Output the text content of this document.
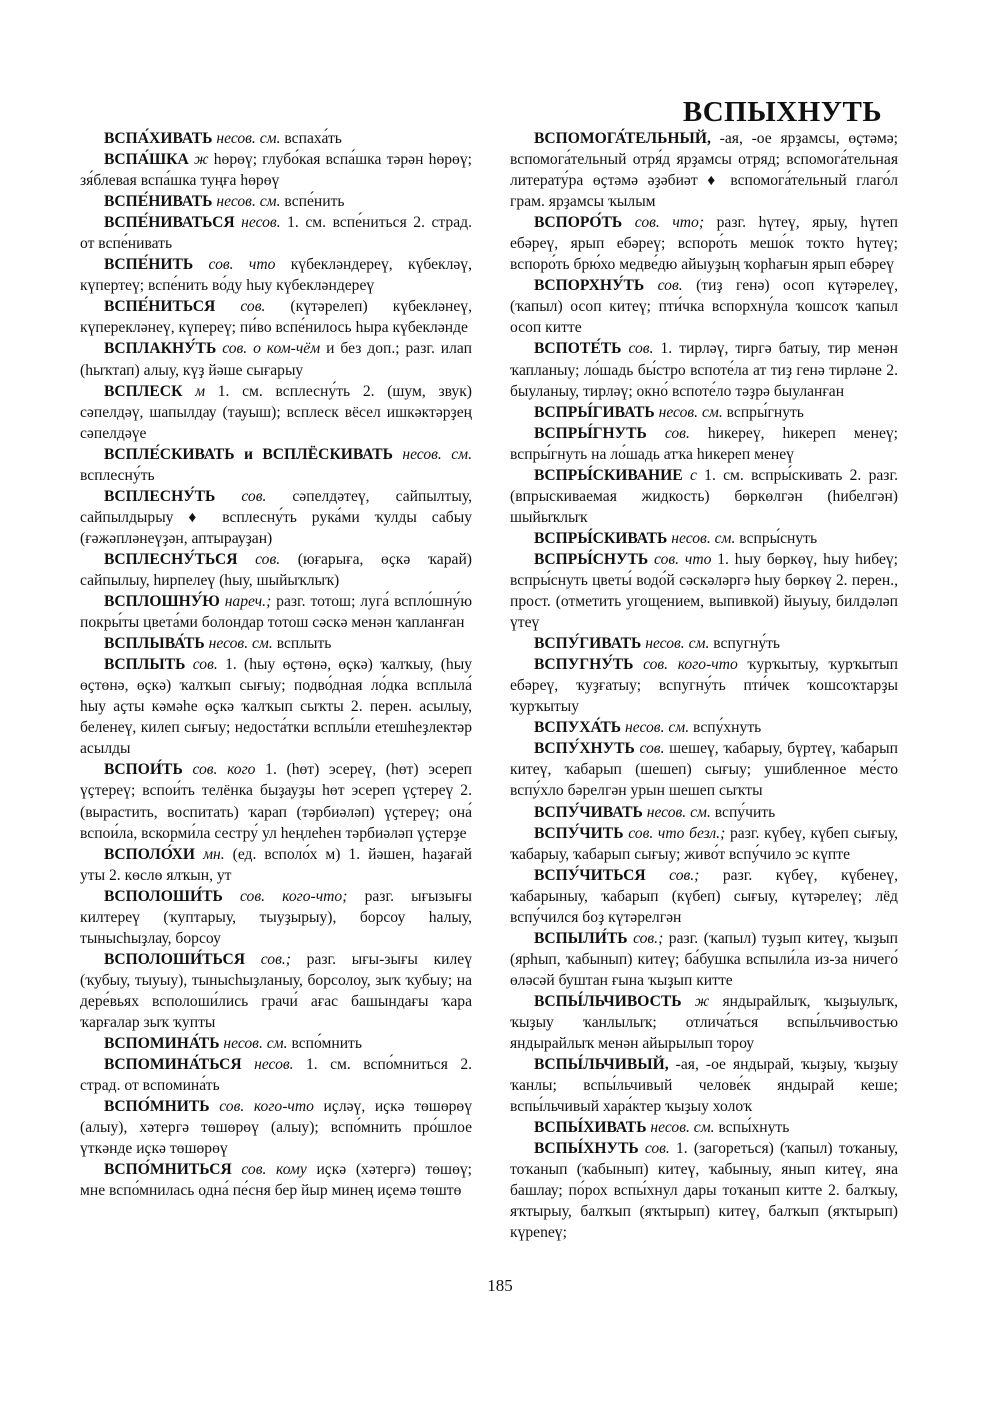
ВСПЫХНУТЬ

ВСПА́ХИВАТЬ несов. см. вспаха́ть

ВСПА́ШКА ж һөрөү; глубо́кая вспа́шка тәрән һөрөү; зя́блевая вспа́шка туңға һөрөү

ВСПЕ́НИВАТЬ несов. см. вспе́нить

ВСПЕ́НИВАТЬСЯ несов. 1. см. вспе́ниться 2. страд. от вспе́нивать

ВСПЕ́НИТЬ сов. что күбекләндереү, күбекләү, күпертеү; вспе́нить во́ду һыу күбекләндереү

ВСПЕ́НИТЬСЯ сов. (күтәрелеп) күбекләнеү, күперекләнеү, күпереү; пи́во вспе́нилось һыра күбекләнде

ВСПЛАКНУ́ТЬ сов. о ком-чём и без доп.; разг. илап (һыҡтап) алыу, күҙ йәше сығарыу

ВСПЛЕСК м 1. см. всплесну́ть 2. (шум, звук) сәпелдәү, шапылдау (тауыш); всплеск вёсел ишкәктәрҙең сәпелдәүе

ВСПЛЕ́СКИВАТЬ и ВСПЛЁСКИВАТЬ несов. см. всплесну́ть

ВСПЛЕСНУ́ТЬ сов. сәпелдәтеү, сайпылтыу, сайпылдырыу ♦ всплесну́ть рука́ми ҡулды сабыу (ғәжәпләнеүҙән, аптырауҙан)

ВСПЛЕСНУ́ТЬСЯ сов. (юғарыға, өҫкә ҡарай) сайпылыу, һирпелеү (һыу, шыйыҡлыҡ)

ВСПЛОШНУ́Ю нареч.; разг. тотош; луга́ вспло́шну́ю покры́ты цвета́ми болондар тотош сәскә менән ҡапланған

ВСПЛЫВА́ТЬ несов. см. всплыть

ВСПЛЫТЬ сов. 1. (һыу өҫтөнә, өҫкә) ҡалҡыу, (һыу өҫтөнә, өҫкә) ҡалҡып сығыу; подво́дная ло́дка всплыла́ һыу аҫты кәмәһе өҫкә ҡалҡып сыҡты 2. перен. асылыу, беленеү, килеп сығыу; недоста́тки всплы́ли етешһеҙлектәр асылды

ВСПОИ́ТЬ сов. кого 1. (һөт) эсереү, (һөт) эсереп үҫтереү; вспои́ть телёнка быҙауҙы һөт эсереп үҫтереү 2. (вырастить, воспитать) ҡарап (тәрбиәләп) үҫтереү; она́ вспои́ла, вскорми́ла сестру́ ул һеңлеһен тәрбиәләп үҫтерҙе

ВСПОЛО́ХИ мн. (ед. всполо́х м) 1. йәшен, һаҙағай уты 2. көслө ялҡын, ут

ВСПОЛОШИ́ТЬ сов. кого-что; разг. ығызығы килтереү (ҡуптарыу, тыуҙырыу), борсоу һалыу, тынысһыҙлау, борсоу

ВСПОЛОШИ́ТЬСЯ сов.; разг. ығы-зығы килеү (ҡубыу, тыуыу), тынысһыҙланыу, борсолоу, зыҡ ҡубыу; на дере́вьях всполоши́лись грачи́ ағас башындағы ҡара ҡарғалар зыҡ ҡупты

ВСПОМИНА́ТЬ несов. см. вспо́мнить

ВСПОМИНА́ТЬСЯ несов. 1. см. вспо́мниться 2. страд. от вспомина́ть

ВСПО́МНИТЬ сов. кого-что иҫләү, иҫкә төшөрөү (алыу), хәтергә төшөрөү (алыу); вспо́мнить про́шлое үткәнде иҫкә төшөрөү

ВСПО́МНИТЬСЯ сов. кому иҫкә (хәтергә) төшөү; мне вспо́мнилась одна́ пе́сня бер йыр минең иҫемә төштө

ВСПОМОГА́ТЕЛЬНЫЙ, -ая, -ое ярҙамсы, өҫтәмә; вспомога́тельный отря́д ярҙамсы отряд; вспомога́тельная литерату́ра өҫтәмә әҙәбиәт ♦ вспомога́тельный глаго́л грам. ярҙамсы ҡылым

ВСПОРО́ТЬ сов. что; разг. һүтеү, ярыу, һүтеп ебәреү, ярып ебәреү; вспоро́ть мешо́к тоҡто һүтеү; вспоро́ть брю́хо медве́дю айыуҙың ҡорһағын ярып ебәреү

ВСПОРХНУ́ТЬ сов. (тиҙ генә) осоп күтәрелеү, (ҡапыл) осоп китеү; пти́чка вспорхну́ла ҡошсоҡ ҡапыл осоп китте

ВСПОТЕ́ТЬ сов. 1. тирләү, тиргә батыу, тир менән ҡапланыу; ло́шадь бы́стро вспоте́ла ат тиҙ генә тирләне 2. быуланыу, тирләү; окно́ вспоте́ло тәҙрә быуланған

ВСПРЫ́ГИВАТЬ несов. см. вспры́гнуть

ВСПРЫ́ГНУТЬ сов. һикереү, һикереп менеү; вспры́гнуть на ло́шадь атҡа һикереп менеү

ВСПРЫ́СКИВАНИЕ с 1. см. вспры́скивать 2. разг. (впрыскиваемая жидкость) бөркөлгән (һибелгән) шыйыҡлыҡ

ВСПРЫ́СКИВАТЬ несов. см. вспры́снуть

ВСПРЫ́СНУТЬ сов. что 1. һыу бөркөү, һыу һибеү; вспры́снуть цветы́ водо́й сәскәләргә һыу бөркөү 2. перен., прост. (отметить угощением, выпивкой) йыуыу, билдәләп үтеү

ВСПУ́ГИВАТЬ несов. см. вспугну́ть

ВСПУГНУ́ТЬ сов. кого-что ҡурҡытыу, ҡурҡытып ебәреү, ҡуҙғатыу; вспугну́ть пти́чек ҡошсоҡтарҙы ҡурҡытыу

ВСПУХА́ТЬ несов. см. вспу́хнуть

ВСПУ́ХНУТЬ сов. шешеү, ҡабарыу, бүртеү, ҡабарып китеү, ҡабарып (шешеп) сығыу; ушибленное ме́сто вспу́хло бәрелгән урын шешеп сыҡты

ВСПУ́ЧИВАТЬ несов. см. вспу́чить

ВСПУ́ЧИТЬ сов. что безл.; разг. күбеү, күбеп сығыу, ҡабарыу, ҡабарып сығыу; живо́т вспу́чило эс күпте

ВСПУ́ЧИТЬСЯ сов.; разг. күбеү, күбенеү, ҡабарыныу, ҡабарып (күбеп) сығыу, күтәрелеү; лёд вспу́чился боҙ күтәрелгән

ВСПЫЛИ́ТЬ сов.; разг. (ҡапыл) туҙып китеү, ҡыҙып (ярһып, ҡабынып) китеү; ба́бушка вспыли́ла из-за ничего́ өләсәй буштан ғына ҡыҙып китте

ВСПЫ́ЛЬЧИВОСТЬ ж яндырайлыҡ, ҡыҙыулыҡ, ҡыҙыу ҡанлылыҡ; отлича́ться вспы́льчивостью яндырайлыҡ менән айырылып тороу

ВСПЫ́ЛЬЧИВЫЙ, -ая, -ое яндырай, ҡыҙыу, ҡыҙыу ҡанлы; вспы́льчивый челове́к яндырай кеше; вспы́льчивый хара́ктер ҡыҙыу холоҡ

ВСПЫ́ХИВАТЬ несов. см. вспы́хнуть

ВСПЫ́ХНУТЬ сов. 1. (загореться) (ҡапыл) тоҡаныу, тоҡанып (ҡабынып) китеү, ҡабыныу, янып китеү, яна башлау; по́рох вспы́хнул дары тоҡанып китте 2. балҡыу, яҡтырыу, балҡып (яҡтырып) китеү, балҡып (яҡтырып) күреnеү;

185
